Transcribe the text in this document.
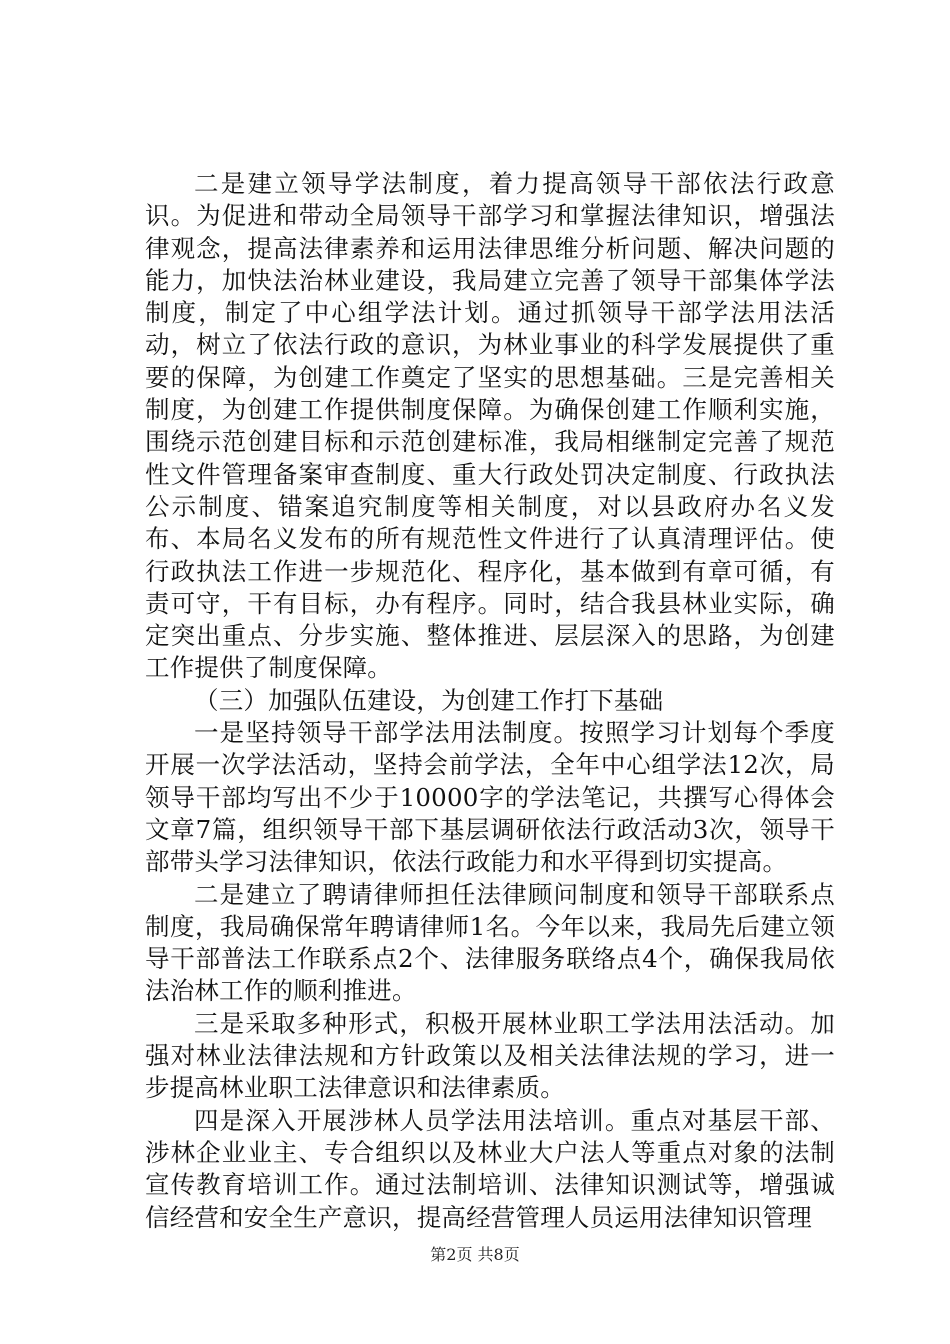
二是建立领导学法制度，着力提高领导干部依法行政意识。为促进和带动全局领导干部学习和掌握法律知识，增强法律观念，提高法律素养和运用法律思维分析问题、解决问题的能力，加快法治林业建设，我局建立完善了领导干部集体学法制度，制定了中心组学法计划。通过抓领导干部学法用法活动，树立了依法行政的意识，为林业事业的科学发展提供了重要的保障，为创建工作奠定了坚实的思想基础。三是完善相关制度，为创建工作提供制度保障。为确保创建工作顺利实施，围绕示范创建目标和示范创建标准，我局相继制定完善了规范性文件管理备案审查制度、重大行政处罚决定制度、行政执法公示制度、错案追究制度等相关制度，对以县政府办名义发布、本局名义发布的所有规范性文件进行了认真清理评估。使行政执法工作进一步规范化、程序化，基本做到有章可循，有责可守，干有目标，办有程序。同时，结合我县林业实际，确定突出重点、分步实施、整体推进、层层深入的思路，为创建工作提供了制度保障。

（三）加强队伍建设，为创建工作打下基础

一是坚持领导干部学法用法制度。按照学习计划每个季度开展一次学法活动，坚持会前学法，全年中心组学法12次，局领导干部均写出不少于10000字的学法笔记，共撰写心得体会文章7篇，组织领导干部下基层调研依法行政活动3次，领导干部带头学习法律知识，依法行政能力和水平得到切实提高。

二是建立了聘请律师担任法律顾问制度和领导干部联系点制度，我局确保常年聘请律师1名。今年以来，我局先后建立领导干部普法工作联系点2个、法律服务联络点4个，确保我局依法治林工作的顺利推进。

三是采取多种形式，积极开展林业职工学法用法活动。加强对林业法律法规和方针政策以及相关法律法规的学习，进一步提高林业职工法律意识和法律素质。

四是深入开展涉林人员学法用法培训。重点对基层干部、涉林企业业主、专合组织以及林业大户法人等重点对象的法制宣传教育培训工作。通过法制培训、法律知识测试等，增强诚信经营和安全生产意识，提高经营管理人员运用法律知识管理

第2页 共8页
